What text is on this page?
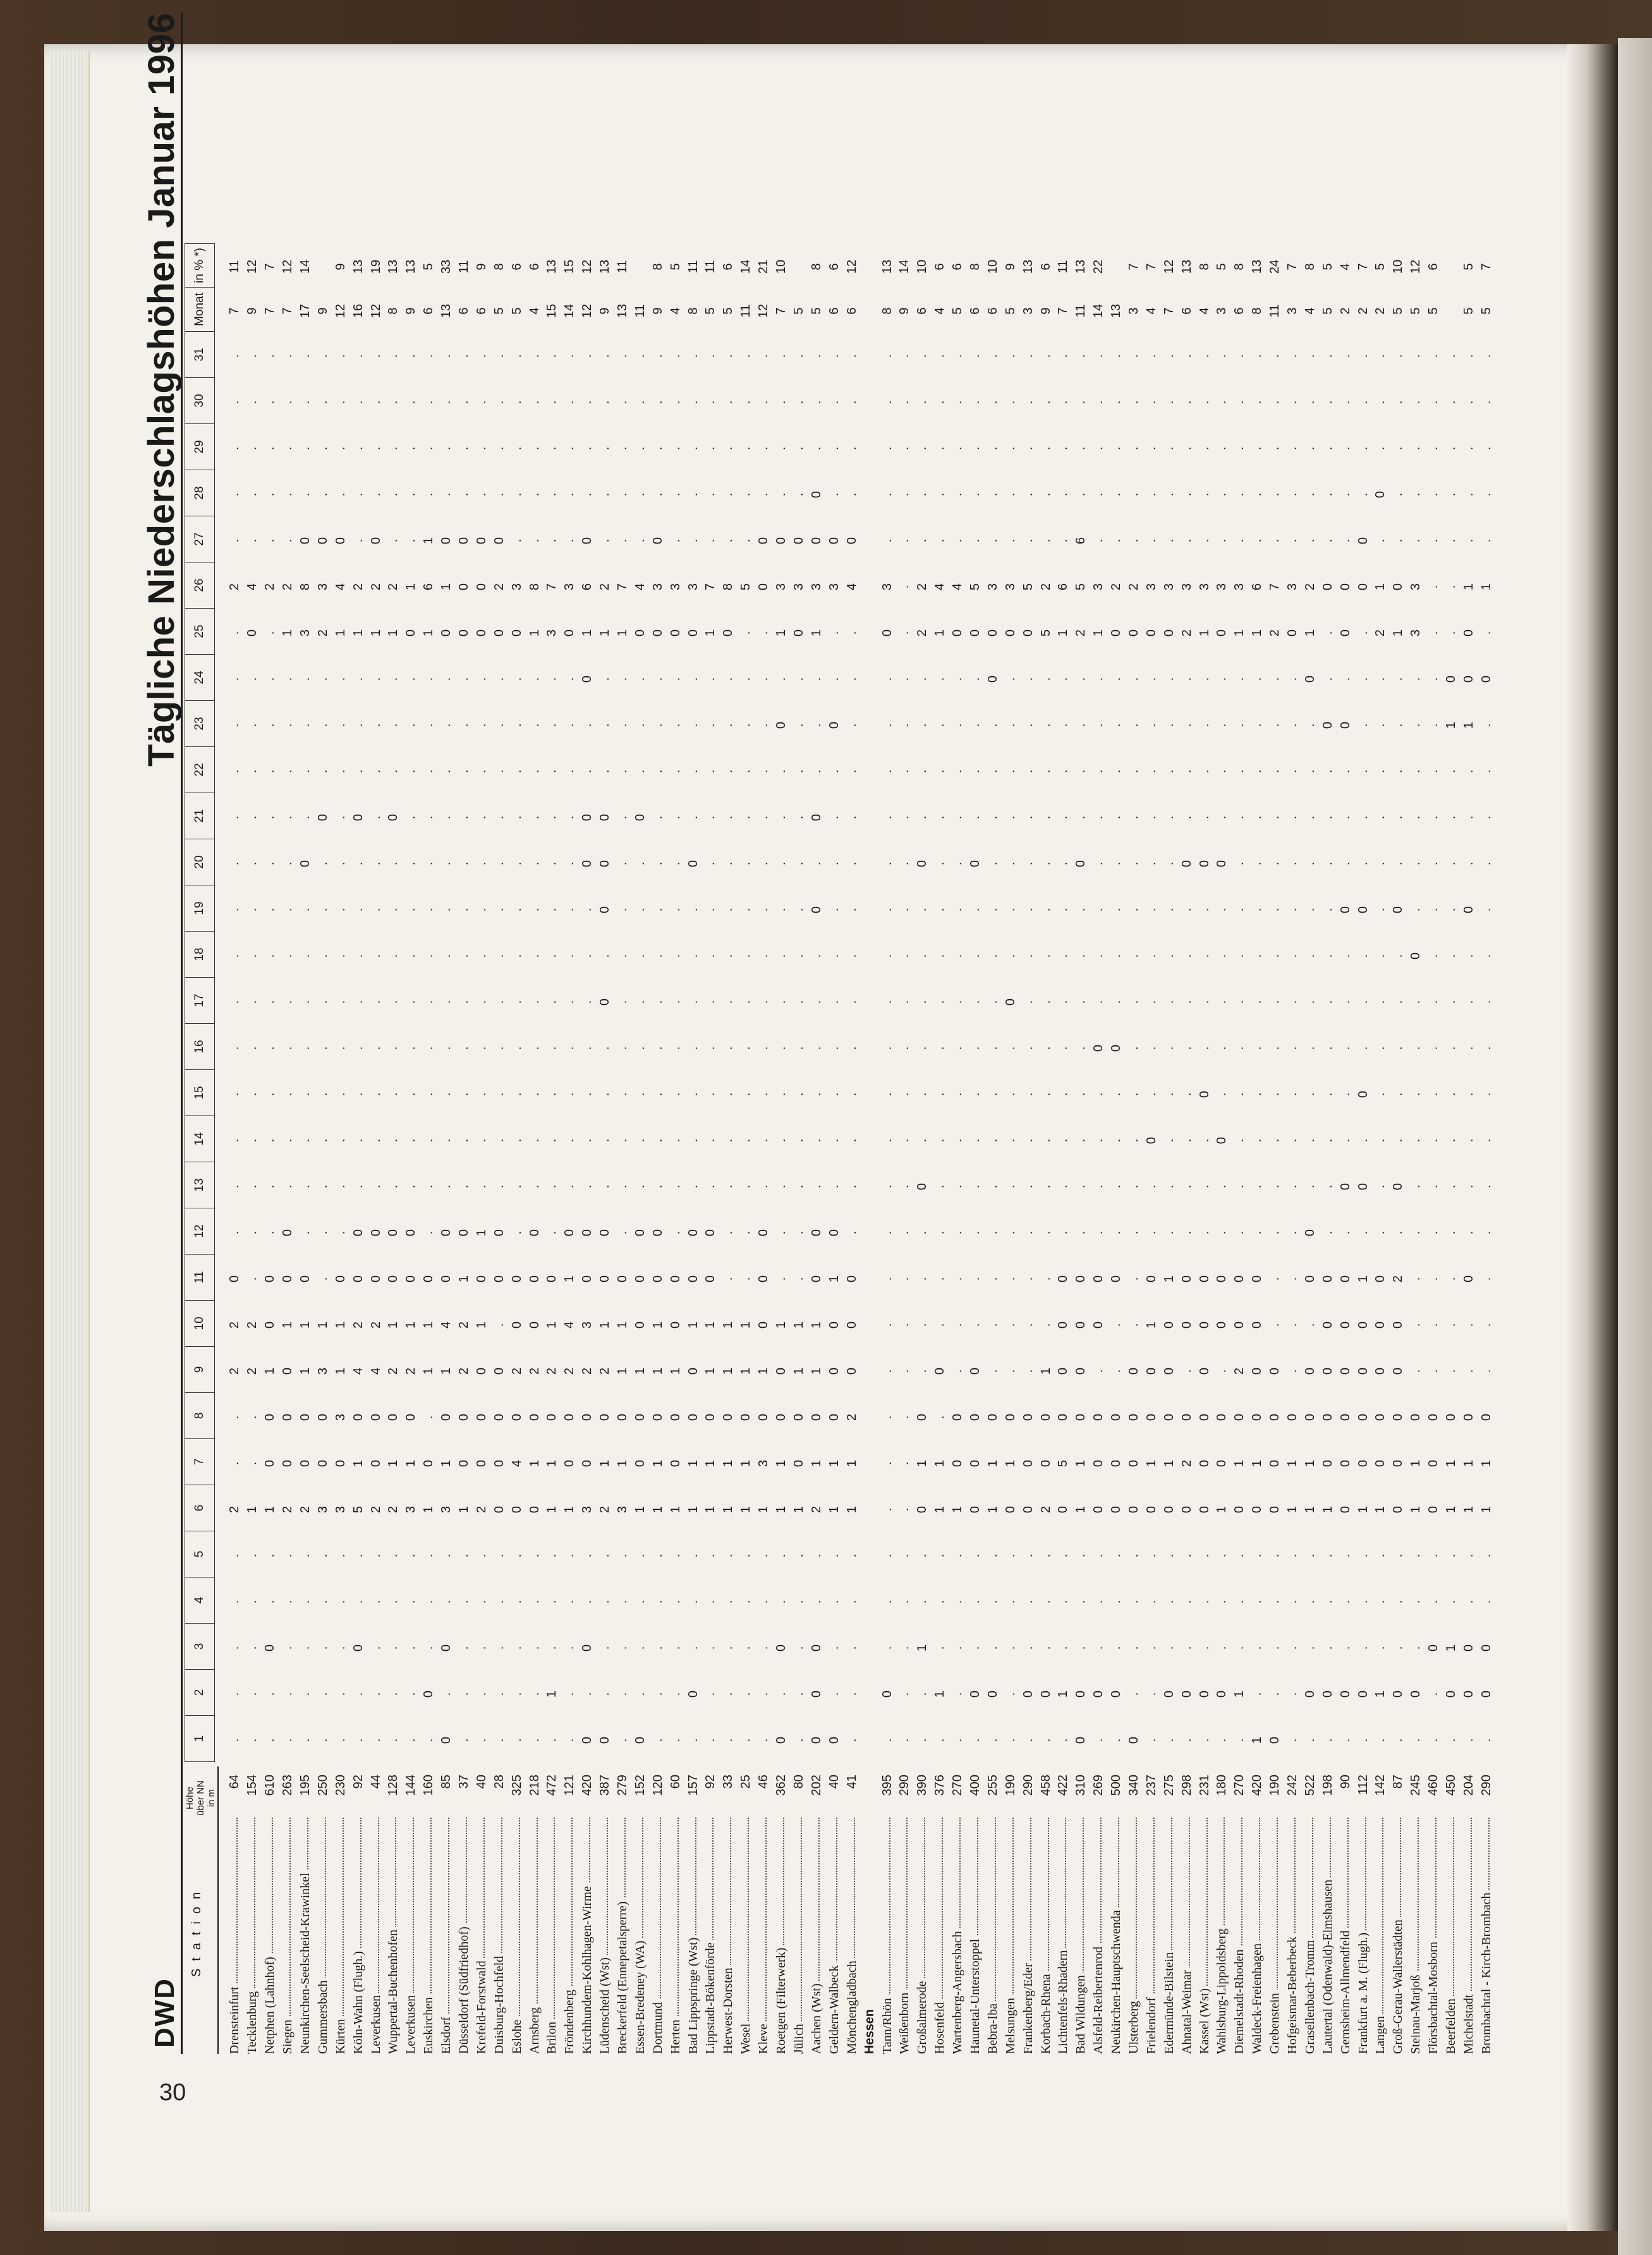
30
DWD
Tägliche Niederschlagshöhen Januar 1996
Station
Höhe über NN in m
1
2
3
4
5
6
7
8
9
10
11
12
13
14
15
16
17
18
19
20
21
22
23
24
25
26
27
28
29
30
31
Monat
in % *)
Drensteinfurt
64
.
.
.
.
.
2
.
.
2
2
0
.
.
.
.
.
.
.
.
.
.
.
.
.
.
2
.
.
.
.
.
7
11
Tecklenburg
154
.
.
.
.
.
1
.
.
2
2
.
.
.
.
.
.
.
.
.
.
.
.
.
.
0
4
.
.
.
.
.
9
12
Netphen (Lahnhof)
610
.
.
0
.
.
1
0
0
1
0
0
.
.
.
.
.
.
.
.
.
.
.
.
.
.
2
.
.
.
.
.
7
7
Siegen
263
.
.
.
.
.
2
0
0
0
1
0
0
.
.
.
.
.
.
.
.
.
.
.
.
1
2
.
.
.
.
.
7
12
Neunkirchen-Seelscheid-Krawinkel
195
.
.
.
.
.
2
0
0
1
1
0
.
.
.
.
.
.
.
.
0
.
.
.
.
3
8
0
.
.
.
.
17
14
Gummersbach
250
.
.
.
.
.
3
0
0
3
1
.
.
.
.
.
.
.
.
.
.
0
.
.
.
2
3
0
.
.
.
.
9
Kürten
230
.
.
.
.
.
3
0
3
1
1
0
.
.
.
.
.
.
.
.
.
.
.
.
.
1
4
0
.
.
.
.
12
9
Köln-Wahn (Flugh.)
92
.
.
0
.
.
5
1
0
4
2
0
0
.
.
.
.
.
.
.
.
0
.
.
.
1
2
.
.
.
.
.
16
13
Leverkusen
44
.
.
.
.
.
2
0
0
4
2
0
0
.
.
.
.
.
.
.
.
.
.
.
.
1
2
0
.
.
.
.
12
19
Wuppertal-Buchenhofen
128
.
.
.
.
.
2
1
0
2
1
0
0
.
.
.
.
.
.
.
.
0
.
.
.
1
2
.
.
.
.
.
8
13
Leverkusen
144
.
.
.
.
.
3
1
0
2
1
0
0
.
.
.
.
.
.
.
.
.
.
.
.
0
1
.
.
.
.
.
9
13
Euskirchen
160
.
0
.
.
.
1
0
.
1
1
0
.
.
.
.
.
.
.
.
.
.
.
.
.
1
6
1
.
.
.
.
6
5
Elsdorf
85
0
.
0
.
.
3
1
0
1
4
0
0
.
.
.
.
.
.
.
.
.
.
.
.
0
1
0
.
.
.
.
13
33
Düsseldorf (Südfriedhof)
37
.
.
.
.
.
1
0
0
2
2
1
0
.
.
.
.
.
.
.
.
.
.
.
.
0
0
0
.
.
.
.
6
11
Krefeld-Forstwald
40
.
.
.
.
.
2
0
0
0
1
0
1
.
.
.
.
.
.
.
.
.
.
.
.
0
0
0
.
.
.
.
6
9
Duisburg-Hochfeld
28
.
.
.
.
.
0
0
0
0
.
0
0
.
.
.
.
.
.
.
.
.
.
.
.
0
2
0
.
.
.
.
5
8
Eslohe
325
.
.
.
.
.
0
4
0
2
0
0
.
.
.
.
.
.
.
.
.
.
.
.
.
0
3
.
.
.
.
.
5
6
Arnsberg
218
.
.
.
.
.
0
1
0
2
0
0
0
.
.
.
.
.
.
.
.
.
.
.
.
1
8
.
.
.
.
.
4
6
Brilon
472
.
1
.
.
.
1
1
0
2
1
0
.
.
.
.
.
.
.
.
.
.
.
.
.
3
7
.
.
.
.
.
15
13
Fröndenberg
121
.
.
.
.
.
1
0
0
2
4
1
0
.
.
.
.
.
.
.
.
.
.
.
.
0
3
.
.
.
.
.
14
15
Kirchhundem-Kohlhagen-Wirme
420
0
.
0
.
.
3
0
0
2
3
0
0
.
.
.
.
.
.
.
0
0
.
.
0
1
6
0
.
.
.
.
12
12
Lüdenscheid (Wst)
387
0
.
.
.
.
2
1
0
2
1
0
0
.
.
.
.
0
.
0
0
0
.
.
.
1
2
.
.
.
.
.
9
13
Breckerfeld (Ennepetalsperre)
279
.
.
.
.
.
3
1
0
1
1
0
.
.
.
.
.
.
.
.
.
.
.
.
.
1
7
.
.
.
.
.
13
11
Essen-Bredeney (WA)
152
0
.
.
.
.
1
0
0
1
0
0
0
.
.
.
.
.
.
.
.
0
.
.
.
0
4
.
.
.
.
.
11
Dortmund
120
.
.
.
.
.
1
1
0
1
1
0
0
.
.
.
.
.
.
.
.
.
.
.
.
0
3
0
.
.
.
.
9
8
Herten
60
.
.
.
.
.
1
0
0
1
0
0
.
.
.
.
.
.
.
.
.
.
.
.
.
0
3
.
.
.
.
.
4
5
Bad Lippspringe (Wst)
157
.
0
.
.
.
1
1
0
0
1
0
0
.
.
.
.
.
.
.
0
.
.
.
.
0
3
.
.
.
.
.
8
11
Lippstadt-Bökenförde
92
.
.
.
.
.
1
1
0
1
1
0
0
.
.
.
.
.
.
.
.
.
.
.
.
1
7
.
.
.
.
.
5
11
Herwest-Dorsten
33
.
.
.
.
.
1
1
0
1
1
.
.
.
.
.
.
.
.
.
.
.
.
.
.
0
8
.
.
.
.
.
5
6
Wesel
25
.
.
.
.
.
1
1
0
1
1
.
.
.
.
.
.
.
.
.
.
.
.
.
.
.
5
.
.
.
.
.
11
14
Kleve
46
.
.
.
.
.
1
3
0
1
0
0
0
.
.
.
.
.
.
.
.
.
.
.
.
.
0
0
.
.
.
.
12
21
Roetgen (Filterwerk)
362
0
.
0
.
.
1
1
0
0
1
.
.
.
.
.
.
.
.
.
.
.
.
0
.
1
3
0
.
.
.
.
7
10
Jülich
80
.
.
.
.
.
1
0
0
1
1
.
.
.
.
.
.
.
.
.
.
.
.
.
.
0
3
0
.
.
.
.
5
Aachen (Wst)
202
0
0
0
.
.
2
1
0
1
1
0
0
.
.
.
.
.
.
0
.
0
.
.
.
1
3
0
0
.
.
.
5
8
Geldern-Walbeck
40
0
.
.
.
.
1
1
0
0
0
1
0
.
.
.
.
.
.
.
.
.
.
0
.
.
3
0
.
.
.
.
6
6
Mönchengladbach
41
.
.
.
.
.
1
1
2
0
0
0
.
.
.
.
.
.
.
.
.
.
.
.
.
.
4
0
.
.
.
.
6
12
Hessen Tann/Rhön
395
.
0
.
.
.
.
.
.
.
.
.
.
.
.
.
.
.
.
.
.
.
.
.
.
0
3
.
.
.
.
.
8
13
Weißenborn
290
.
.
.
.
.
.
.
.
.
.
.
.
.
.
.
.
.
.
.
.
.
.
.
.
.
.
.
.
.
.
.
9
14
Großalmerode
390
.
.
1
.
.
0
1
0
.
.
.
.
0
.
.
.
.
.
.
0
.
.
.
.
2
2
.
.
.
.
.
6
10
Hosenfeld
376
.
1
.
.
.
1
1
.
0
.
.
.
.
.
.
.
.
.
.
.
.
.
.
.
1
4
.
.
.
.
.
4
6
Wartenberg-Angersbach
270
.
.
.
.
.
1
0
0
.
.
.
.
.
.
.
.
.
.
.
.
.
.
.
.
0
4
.
.
.
.
.
5
6
Haunetal-Unterstoppel
400
.
0
.
.
.
0
0
0
0
.
.
.
.
.
.
.
.
.
.
0
.
.
.
.
0
5
.
.
.
.
.
6
8
Bebra-Iba
255
.
0
.
.
.
1
1
0
.
.
.
.
.
.
.
.
.
.
.
.
.
.
.
0
0
3
.
.
.
.
.
6
10
Melsungen
190
.
.
.
.
.
0
1
0
.
.
.
.
.
.
.
.
0
.
.
.
.
.
.
.
0
3
.
.
.
.
.
5
9
Frankenberg/Eder
290
.
0
.
.
.
0
0
0
.
.
.
.
.
.
.
.
.
.
.
.
.
.
.
.
0
5
.
.
.
.
.
3
13
Korbach-Rhena
458
.
0
.
.
.
2
0
0
1
.
.
.
.
.
.
.
.
.
.
.
.
.
.
.
5
2
.
.
.
.
.
9
6
Lichtenfels-Rhadern
422
.
1
.
.
.
0
5
0
0
0
0
.
.
.
.
.
.
.
.
.
.
.
.
.
1
6
.
.
.
.
.
7
11
Bad Wildungen
310
0
0
.
.
.
1
1
0
0
0
0
.
.
.
.
.
.
.
.
0
.
.
.
.
2
5
6
.
.
.
.
11
13
Alsfeld-Reibertenrod
269
.
0
.
.
.
0
0
0
.
0
0
.
.
.
.
0
.
.
.
.
.
.
.
.
1
3
.
.
.
.
.
14
22
Neukirchen-Hauptschwenda
500
.
0
.
.
.
0
0
0
.
.
0
.
.
.
.
0
.
.
.
.
.
.
.
.
0
2
.
.
.
.
.
13
Ulsterberg
340
0
.
.
.
.
0
0
0
0
.
.
.
.
.
.
.
.
.
.
.
.
.
.
.
0
2
.
.
.
.
.
3
7
Frielendorf
237
.
.
.
.
.
0
1
0
0
1
0
.
.
0
.
.
.
.
.
.
.
.
.
.
0
3
.
.
.
.
.
4
7
Edermünde-Bilstein
275
.
0
.
.
.
0
1
0
0
0
1
.
.
.
.
.
.
.
.
.
.
.
.
.
0
3
.
.
.
.
.
7
12
Ahnatal-Weimar
298
.
0
.
.
.
0
2
0
.
0
0
.
.
.
.
.
.
.
.
0
.
.
.
.
2
3
.
.
.
.
.
6
13
Kassel (Wst)
231
.
0
.
.
.
0
0
0
0
0
0
.
.
.
0
.
.
.
.
0
.
.
.
.
1
3
.
.
.
.
.
4
8
Wahlsburg-Lippoldsberg
180
.
0
.
.
.
1
0
0
.
0
0
.
.
0
.
.
.
.
.
0
.
.
.
.
0
3
.
.
.
.
.
3
5
Diemelstadt-Rhoden
270
.
1
.
.
.
0
1
0
2
0
0
.
.
.
.
.
.
.
.
.
.
.
.
.
1
3
.
.
.
.
.
6
8
Waldeck-Freienhagen
420
1
.
.
.
.
0
1
0
0
0
0
.
.
.
.
.
.
.
.
.
.
.
.
.
1
6
.
.
.
.
.
8
13
Grebenstein
190
0
.
.
.
.
0
0
0
0
.
.
.
.
.
.
.
.
.
.
.
.
.
.
.
2
7
.
.
.
.
.
11
24
Hofgeismar-Beberbeck
242
.
.
.
.
.
1
1
0
.
.
.
.
.
.
.
.
.
.
.
.
.
.
.
.
0
3
.
.
.
.
.
3
7
Grasellenbach-Tromm
522
.
0
.
.
.
1
1
0
0
.
0
0
.
.
.
.
.
.
.
.
.
.
.
0
1
2
.
.
.
.
.
4
8
Lautertal (Odenwald)-Elmshausen
198
.
0
.
.
.
1
0
0
0
0
0
.
.
.
.
.
.
.
.
.
.
.
0
.
.
0
.
.
.
.
.
5
5
Gernsheim-Allmendfeld
90
.
0
.
.
.
0
0
0
0
0
0
.
0
.
.
.
.
.
0
.
.
.
0
.
0
0
.
.
.
.
.
2
4
Frankfurt a. M. (Flugh.)
112
.
0
.
.
.
1
0
0
0
0
1
.
0
.
0
.
.
.
0
.
.
.
.
.
.
0
0
.
.
.
.
2
7
Langen
142
.
1
.
.
.
1
0
0
0
0
0
.
.
.
.
.
.
.
.
.
.
.
.
.
2
1
.
0
.
.
.
2
5
Groß-Gerau-Wallerstädten
87
.
0
.
.
.
0
0
0
0
0
2
.
0
.
.
.
.
.
0
.
.
.
.
.
1
0
.
.
.
.
.
5
10
Steinau-Marjoß
245
.
0
.
.
.
1
1
0
.
.
.
.
.
.
.
.
.
0
.
.
.
.
.
.
3
3
.
.
.
.
.
5
12
Flörsbachtal-Mosborn
460
.
.
0
.
.
0
0
0
.
.
.
.
.
.
.
.
.
.
.
.
.
.
.
.
.
.
.
.
.
.
.
5
6
Beerfelden
450
.
0
1
.
.
1
1
0
.
.
.
.
.
.
.
.
.
.
.
.
.
.
1
0
.
.
.
.
.
.
.
Michelstadt
204
.
0
0
.
.
1
1
0
.
.
0
.
.
.
.
.
.
.
0
.
.
.
1
0
0
1
.
.
.
.
.
5
5
Brombachtal - Kirch-Brombach
290
.
0
0
.
.
1
1
0
.
.
.
.
.
.
.
.
.
.
.
.
.
.
.
0
.
1
.
.
.
.
.
5
7
